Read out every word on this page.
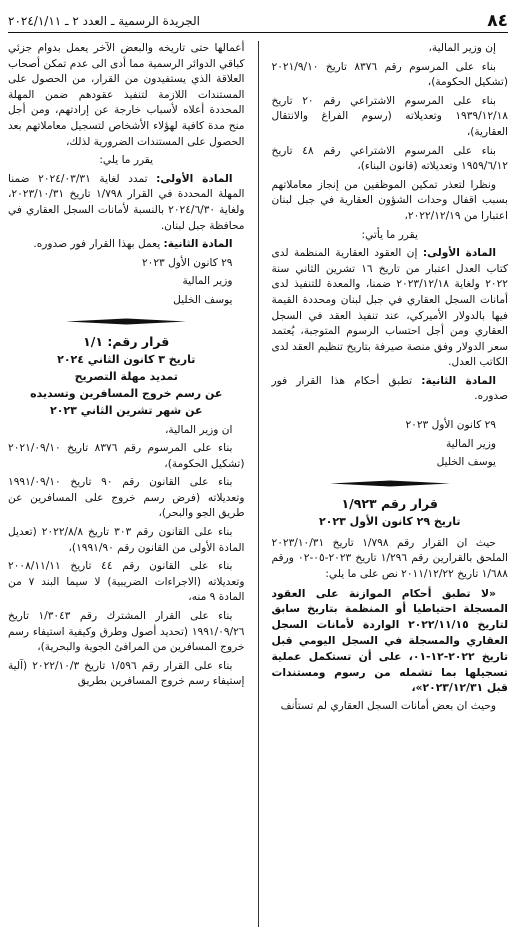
٨٤
الجريدة الرسمية ـ العدد ٢ ـ ٢٠٢٤/١/١١

إن وزير المالية،

بناء على المرسوم رقم ٨٣٧٦ تاريخ ٢٠٢١/٩/١٠ (تشكيل الحكومة)،

بناء على المرسوم الاشتراعي رقم ٢٠ تاريخ ١٩٣٩/١٢/١٨ وتعديلاته (رسوم الفراغ والانتقال العقارية)،

بناء على المرسوم الاشتراعي رقم ٤٨ تاريخ ١٩٥٩/٦/١٢ وتعديلاته (قانون البناء)،

ونظرا لتعذر تمكين الموظفين من إنجاز معاملاتهم بسبب اقفال وحدات الشؤون العقارية في جبل لبنان اعتبارا من ٢٠٢٢/١٢/١٩،

يقرر ما يأتي:

المادة الأولى: إن العقود العقارية المنظمة لدى كتاب العدل اعتبار من تاريخ ١٦ تشرين الثاني سنة ٢٠٢٢ ولغاية ٢٠٢٣/١٢/١٨ ضمنا، والمعدة للتنفيذ لدى أمانات السجل العقاري في جبل لبنان ومحددة القيمة فيها بالدولار الأميركي، عند تنفيذ العقد في السجل العقاري ومن أجل احتساب الرسوم المتوجبة، يُعتمد سعر الدولار وفق منصة صيرفة بتاريخ تنظيم العقد لدى الكاتب العدل.

المادة الثانية: تطبق أحكام هذا القرار فور صدوره.

٢٩ كانون الأول ٢٠٢٣

وزير المالية

يوسف الخليل

قرار رقم ١/٩٢٣

تاريخ ٢٩ كانون الأول ٢٠٢٣

حيث ان القرار رقم ١/٧٩٨ تاريخ ٢٠٢٣/١٠/٣١ الملحق بالقرارين رقم ١/٢٩٦ تاريخ ٢٠٢٣-٠٥-٠٢ ورقم ١/٦٨٨ تاريخ ٢٠١١/١٢/٢٢ نص على ما يلي:

«لا تطبق أحكام الموازنة على العقود المسجلة احتياطيا أو المنظمة بتاريخ سابق لتاريخ ٢٠٢٢/١١/١٥ الواردة لأمانات السجل العقاري والمسجلة في السجل اليومي قبل تاريخ ٢٠٢٢-١٢-٠١، على أن تستكمل عملية تسجيلها بما تشمله من رسوم ومستندات قبل ٢٠٢٣/١٢/٣١»،

وحيث ان بعض أمانات السجل العقاري لم تستأنف

أعمالها حتى تاريخه والبعض الآخر يعمل بدوام جزئي كباقي الدوائر الرسمية مما أدى الى عدم تمكن أصحاب العلاقة الذي يستفيدون من القرار، من الحصول على المستندات اللازمة لتنفيذ عقودهم ضمن المهلة المحددة أعلاه لأسباب خارجة عن إرادتهم، ومن أجل منح مدة كافية لهؤلاء الأشخاص لتسجيل معاملاتهم بعد الحصول على المستندات الضرورية لذلك،

يقرر ما يلي:

المادة الأولى: تمدد لغاية ٢٠٢٤/٠٣/٣١ ضمنا المهلة المحددة في القرار ١/٧٩٨ تاريخ ٢٠٢٣/١٠/٣١، ولغاية ٢٠٢٤/٦/٣٠ بالنسبة لأمانات السجل العقاري في محافظة جبل لبنان.

المادة الثانية: يعمل بهذا القرار فور صدوره.

٢٩ كانون الأول ٢٠٢٣

وزير المالية

يوسف الخليل

قرار رقم: ١/١

تاريخ ٣ كانون الثاني ٢٠٢٤

تمديد مهلة التصريح

عن رسم خروج المسافرين وتسديده

عن شهر تشرين الثاني ٢٠٢٣

ان وزير المالية،

بناء على المرسوم رقم ٨٣٧٦ تاريخ ٢٠٢١/٠٩/١٠ (تشكيل الحكومة)،

بناء على القانون رقم ٩٠ تاريخ ١٩٩١/٠٩/١٠ وتعديلاته (فرض رسم خروج على المسافرين عن طريق الجو والبحر)،

بناء على القانون رقم ٣٠٣ تاريخ ٢٠٢٢/٨/٨ (تعديل المادة الأولى من القانون رقم ١٩٩١/٩٠)،

بناء على القانون رقم ٤٤ تاريخ ٢٠٠٨/١١/١١ وتعديلاته (الاجراءات الضريبية) لا سيما البند ٧ من المادة ٩ منه،

بناء على القرار المشترك رقم ١/٣٠٤٣ تاريخ ١٩٩١/٠٩/٢٦ (تحديد أصول وطرق وكيفية استيفاء رسم خروج المسافرين من المرافئ الجوية والبحرية)،

بناء على القرار رقم ١/٥٩٦ تاريخ ٢٠٢٢/١٠/٣ (آلية إستيفاء رسم خروج المسافرين بطريق
